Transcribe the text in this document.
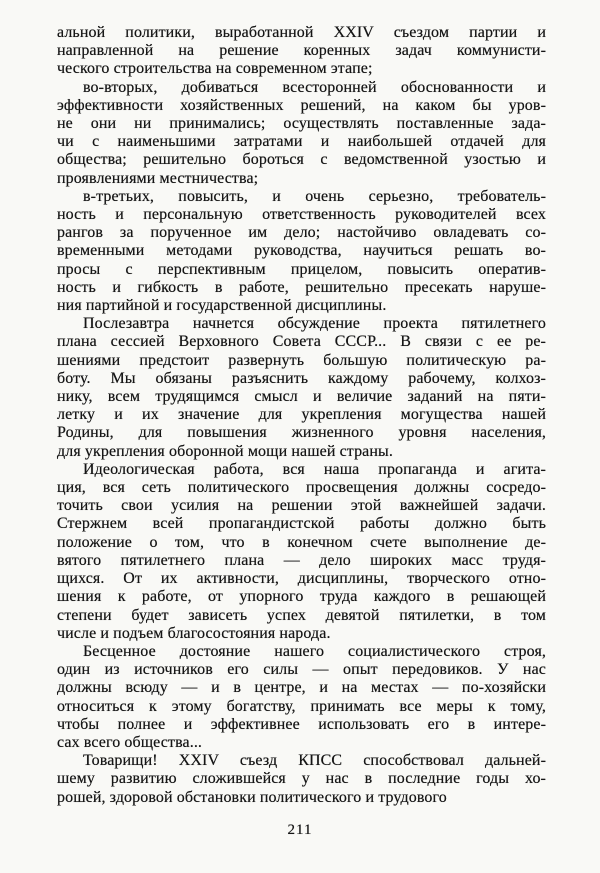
альной политики, выработанной XXIV съездом партии и
направленной на решение коренных задач коммунисти-
ческого строительства на современном этапе;
во-вторых, добиваться всесторонней обоснованности и
эффективности хозяйственных решений, на каком бы уров-
не они ни принимались; осуществлять поставленные зада-
чи с наименьшими затратами и наибольшей отдачей для
общества; решительно бороться с ведомственной узостью и
проявлениями местничества;
в-третьих, повысить, и очень серьезно, требователь-
ность и персональную ответственность руководителей всех
рангов за порученное им дело; настойчиво овладевать со-
временными методами руководства, научиться решать во-
просы с перспективным прицелом, повысить оператив-
ность и гибкость в работе, решительно пресекать наруше-
ния партийной и государственной дисциплины.
Послезавтра начнется обсуждение проекта пятилетнего
плана сессией Верховного Совета СССР... В связи с ее ре-
шениями предстоит развернуть большую политическую ра-
боту. Мы обязаны разъяснить каждому рабочему, колхоз-
нику, всем трудящимся смысл и величие заданий на пяти-
летку и их значение для укрепления могущества нашей
Родины, для повышения жизненного уровня населения,
для укрепления оборонной мощи нашей страны.
Идеологическая работа, вся наша пропаганда и агита-
ция, вся сеть политического просвещения должны сосредо-
точить свои усилия на решении этой важнейшей задачи.
Стержнем всей пропагандистской работы должно быть
положение о том, что в конечном счете выполнение де-
вятого пятилетнего плана — дело широких масс трудя-
щихся. От их активности, дисциплины, творческого отно-
шения к работе, от упорного труда каждого в решающей
степени будет зависеть успех девятой пятилетки, в том
числе и подъем благосостояния народа.
Бесценное достояние нашего социалистического строя,
один из источников его силы — опыт передовиков. У нас
должны всюду — и в центре, и на местах — по-хозяйски
относиться к этому богатству, принимать все меры к тому,
чтобы полнее и эффективнее использовать его в интере-
сах всего общества...
Товарищи! XXIV съезд КПСС способствовал дальней-
шему развитию сложившейся у нас в последние годы хо-
рошей, здоровой обстановки политического и трудового
211
